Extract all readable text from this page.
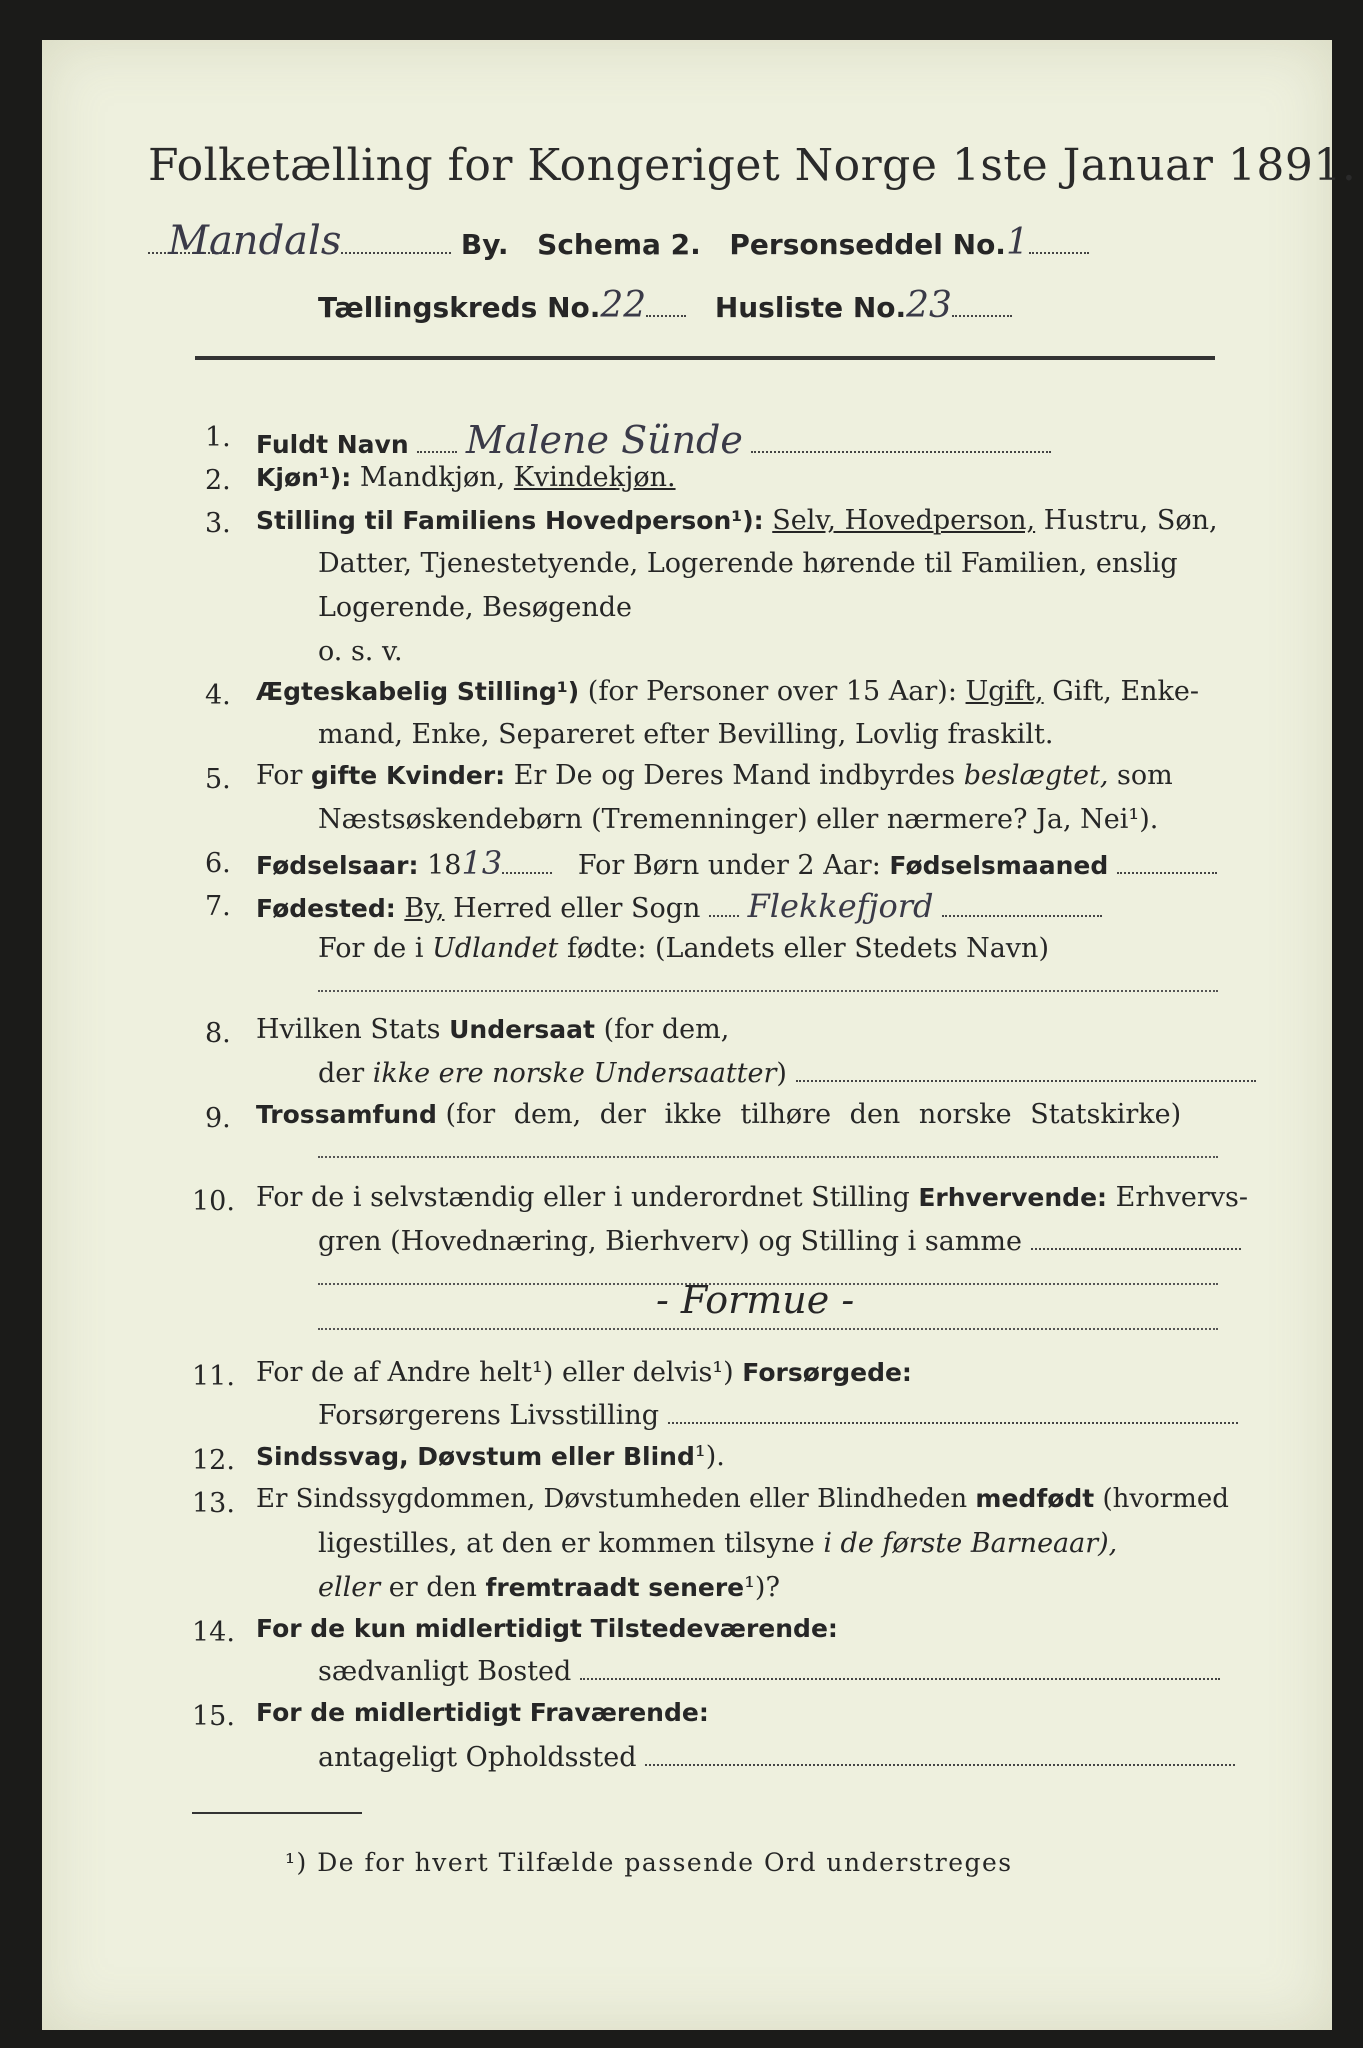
Folketælling for Kongeriget Norge 1ste Januar 1891.
Mandals	By. Schema 2. Personseddel No.1
Tællingskreds No.22 Husliste No.23
1. Fuldt Navn Malene Sünde
2. Kjøn¹): Mandkjøn, Kvindekjøn.
3. Stilling til Familiens Hovedperson¹): Selv, Hovedperson, Hustru, Søn,
Datter, Tjenestetyende, Logerende hørende til Familien, enslig
Logerende, Besøgende
o. s. v.
4. Ægteskabelig Stilling¹) (for Personer over 15 Aar): Ugift, Gift, Enke-
mand, Enke, Separeret efter Bevilling, Lovlig fraskilt.
5. For gifte Kvinder: Er De og Deres Mand indbyrdes beslægtet, som
Næstsøskendebørn (Tremenninger) eller nærmere? Ja, Nei¹).
6. Fødselsaar: 1813	For Børn under 2 Aar: Fødselsmaaned
7. Fødested: By, Herred eller Sogn Flekkefjord
For de i Udlandet fødte: (Landets eller Stedets Navn)
8. Hvilken Stats Undersaat (for dem,
der ikke ere norske Undersaatter)
9. Trossamfund (for dem, der ikke tilhøre den norske Statskirke)
10. For de i selvstændig eller i underordnet Stilling Erhvervende: Erhvervs-
gren (Hovednæring, Bierhverv) og Stilling i samme
- Formue -
11. For de af Andre helt¹) eller delvis¹) Forsørgede:
Forsørgerens Livsstilling
12. Sindssvag, Døvstum eller Blind¹).
13. Er Sindssygdommen, Døvstumheden eller Blindheden medfødt (hvormed
ligestilles, at den er kommen tilsyne i de første Barneaar),
eller er den fremtraadt senere¹)?
14. For de kun midlertidigt Tilstedeværende:
sædvanligt Bosted
15. For de midlertidigt Fraværende:
antageligt Opholdssted
¹) De for hvert Tilfælde passende Ord understreges
